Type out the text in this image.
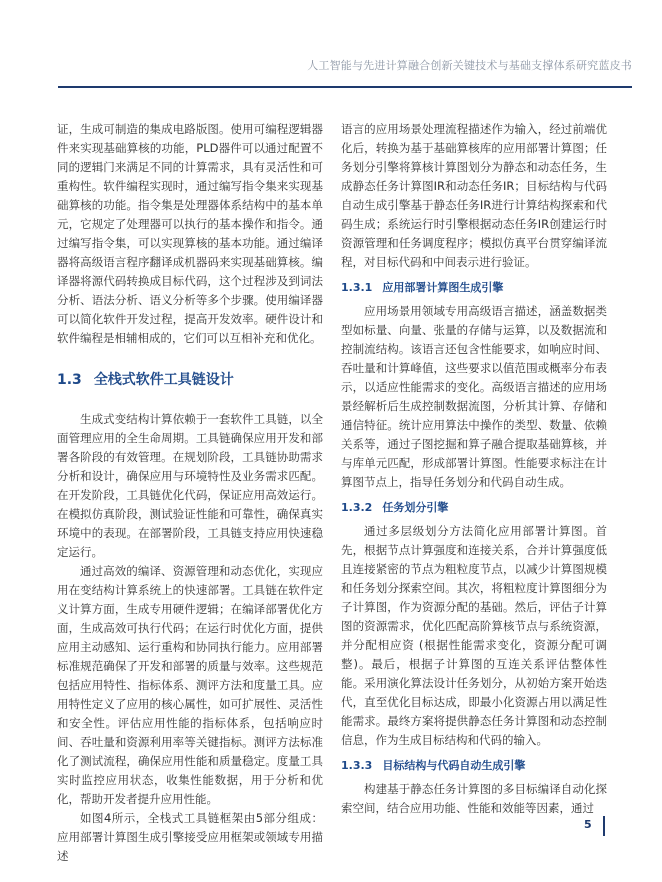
人工智能与先进计算融合创新关键技术与基础支撑体系研究蓝皮书

证，生成可制造的集成电路版图。使用可编程逻辑器件来实现基础算核的功能，PLD器件可以通过配置不同的逻辑门来满足不同的计算需求，具有灵活性和可重构性。软件编程实现时，通过编写指令集来实现基础算核的功能。指令集是处理器体系结构中的基本单元，它规定了处理器可以执行的基本操作和指令。通过编写指令集，可以实现算核的基本功能。通过编译器将高级语言程序翻译成机器码来实现基础算核。编译器将源代码转换成目标代码，这个过程涉及到词法分析、语法分析、语义分析等多个步骤。使用编译器可以简化软件开发过程，提高开发效率。硬件设计和软件编程是相辅相成的，它们可以互相补充和优化。

1.3 全栈式软件工具链设计

生成式变结构计算依赖于一套软件工具链，以全面管理应用的全生命周期。工具链确保应用开发和部署各阶段的有效管理。在规划阶段，工具链协助需求分析和设计，确保应用与环境特性及业务需求匹配。在开发阶段，工具链优化代码，保证应用高效运行。在模拟仿真阶段，测试验证性能和可靠性，确保真实环境中的表现。在部署阶段，工具链支持应用快速稳定运行。

通过高效的编译、资源管理和动态优化，实现应用在变结构计算系统上的快速部署。工具链在软件定义计算方面，生成专用硬件逻辑；在编译部署优化方面，生成高效可执行代码；在运行时优化方面，提供应用主动感知、运行重构和协同执行能力。应用部署标准规范确保了开发和部署的质量与效率。这些规范包括应用特性、指标体系、测评方法和度量工具。应用特性定义了应用的核心属性，如可扩展性、灵活性和安全性。评估应用性能的指标体系，包括响应时间、吞吐量和资源利用率等关键指标。测评方法标准化了测试流程，确保应用性能和质量稳定。度量工具实时监控应用状态，收集性能数据，用于分析和优化，帮助开发者提升应用性能。

如图4所示，全栈式工具链框架由5部分组成：应用部署计算图生成引擎接受应用框架或领域专用描述

语言的应用场景处理流程描述作为输入，经过前端优化后，转换为基于基础算核库的应用部署计算图；任务划分引擎将算核计算图划分为静态和动态任务，生成静态任务计算图IR和动态任务IR；目标结构与代码自动生成引擎基于静态任务IR进行计算结构探索和代码生成；系统运行时引擎根据动态任务IR创建运行时资源管理和任务调度程序；模拟仿真平台贯穿编译流程，对目标代码和中间表示进行验证。

1.3.1 应用部署计算图生成引擎

应用场景用领域专用高级语言描述，涵盖数据类型如标量、向量、张量的存储与运算，以及数据流和控制流结构。该语言还包含性能要求，如响应时间、吞吐量和计算峰值，这些要求以值范围或概率分布表示，以适应性能需求的变化。高级语言描述的应用场景经解析后生成控制数据流图，分析其计算、存储和通信特征。统计应用算法中操作的类型、数量、依赖关系等，通过子图挖掘和算子融合提取基础算核，并与库单元匹配，形成部署计算图。性能要求标注在计算图节点上，指导任务划分和代码自动生成。

1.3.2 任务划分引擎

通过多层级划分方法简化应用部署计算图。首先，根据节点计算强度和连接关系，合并计算强度低且连接紧密的节点为粗粒度节点，以减少计算图规模和任务划分探索空间。其次，将粗粒度计算图细分为子计算图，作为资源分配的基础。然后，评估子计算图的资源需求，优化匹配高阶算核节点与系统资源，并分配相应资 (根据性能需求变化，资源分配可调整)。最后，根据子计算图的互连关系评估整体性能。采用演化算法设计任务划分，从初始方案开始迭代，直至优化目标达成，即最小化资源占用以满足性能需求。最终方案将提供静态任务计算图和动态控制信息，作为生成目标结构和代码的输入。

1.3.3 目标结构与代码自动生成引擎

构建基于静态任务计算图的多目标编译自动化探索空间，结合应用功能、性能和效能等因素，通过

5
